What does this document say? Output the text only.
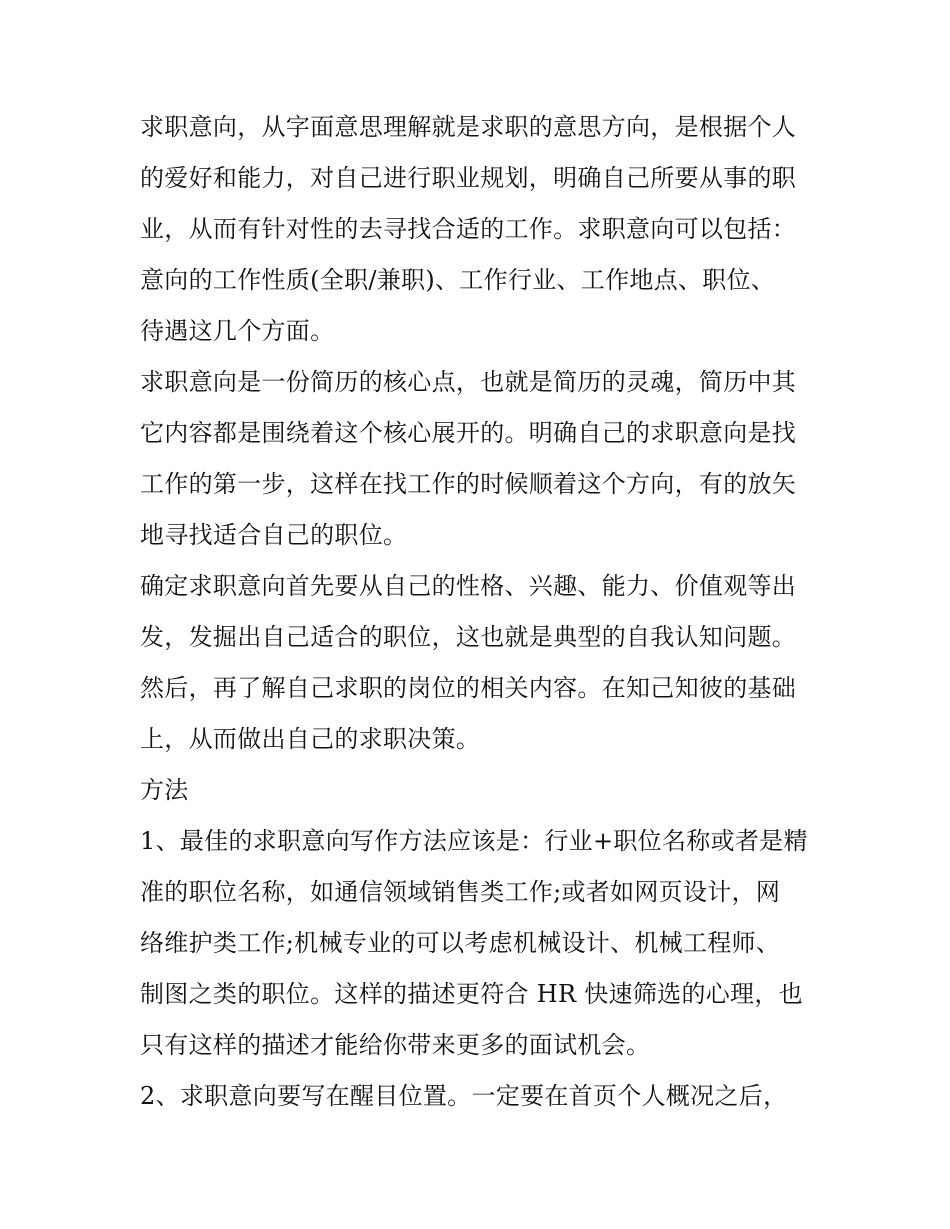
求职意向，从字面意思理解就是求职的意思方向，是根据个人
的爱好和能力，对自己进行职业规划，明确自己所要从事的职
业，从而有针对性的去寻找合适的工作。求职意向可以包括：
意向的工作性质(全职/兼职)、工作行业、工作地点、职位、
待遇这几个方面。
求职意向是一份简历的核心点，也就是简历的灵魂，简历中其
它内容都是围绕着这个核心展开的。明确自己的求职意向是找
工作的第一步，这样在找工作的时候顺着这个方向，有的放矢
地寻找适合自己的职位。
确定求职意向首先要从自己的性格、兴趣、能力、价值观等出
发，发掘出自己适合的职位，这也就是典型的自我认知问题。
然后，再了解自己求职的岗位的相关内容。在知己知彼的基础
上，从而做出自己的求职决策。
方法
1、最佳的求职意向写作方法应该是：行业+职位名称或者是精
准的职位名称，如通信领域销售类工作;或者如网页设计，网
络维护类工作;机械专业的可以考虑机械设计、机械工程师、
制图之类的职位。这样的描述更符合 HR 快速筛选的心理，也
只有这样的描述才能给你带来更多的面试机会。
2、求职意向要写在醒目位置。一定要在首页个人概况之后，
